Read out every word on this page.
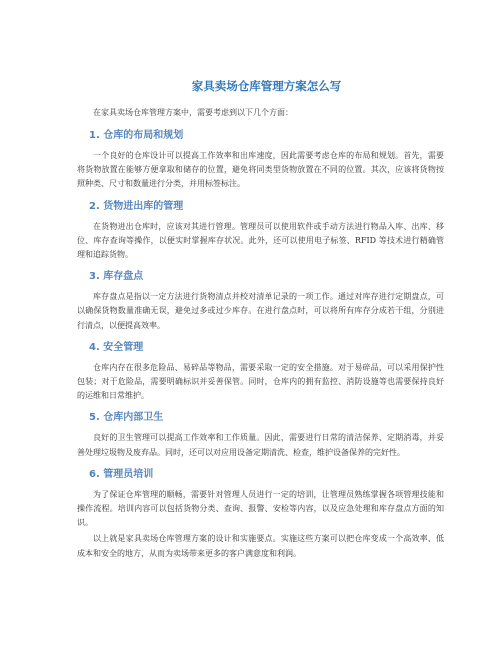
家具卖场仓库管理方案怎么写

在家具卖场仓库管理方案中，需要考虑到以下几个方面：

1. 仓库的布局和规划

一个良好的仓库设计可以提高工作效率和出库速度，因此需要考虑仓库的布局和规划。首先，需要将货物放置在能够方便拿取和储存的位置，避免将同类型货物放置在不同的位置。其次，应该将货物按照种类、尺寸和数量进行分类，并用标签标注。

2. 货物进出库的管理

在货物进出仓库时，应该对其进行管理。管理员可以使用软件或手动方法进行物品入库、出库、移位、库存查询等操作，以便实时掌握库存状况。此外，还可以使用电子标签、RFID 等技术进行精确管理和追踪货物。

3. 库存盘点

库存盘点是指以一定方法进行货物清点并校对清单记录的一项工作。通过对库存进行定期盘点，可以确保货物数量准确无误，避免过多或过少库存。在进行盘点时，可以将所有库存分成若干组，分别进行清点，以便提高效率。

4. 安全管理

仓库内存在很多危险品、易碎品等物品，需要采取一定的安全措施。对于易碎品，可以采用保护性包装；对于危险品，需要明确标识并妥善保管。同时，仓库内的拥有监控、消防设施等也需要保持良好的运维和日常维护。

5. 仓库内部卫生

良好的卫生管理可以提高工作效率和工作质量。因此，需要进行日常的清洁保养、定期消毒，并妥善处理垃圾物及废弃品。同时，还可以对应用设备定期清洗、检查，维护设备保养的完好性。

6. 管理员培训

为了保证仓库管理的顺畅，需要针对管理人员进行一定的培训，让管理员熟练掌握各项管理技能和操作流程。培训内容可以包括货物分类、查询、报警、安检等内容，以及应急处理和库存盘点方面的知识。

以上就是家具卖场仓库管理方案的设计和实施要点。实施这些方案可以把仓库变成一个高效率、低成本和安全的地方，从而为卖场带来更多的客户满意度和利润。
